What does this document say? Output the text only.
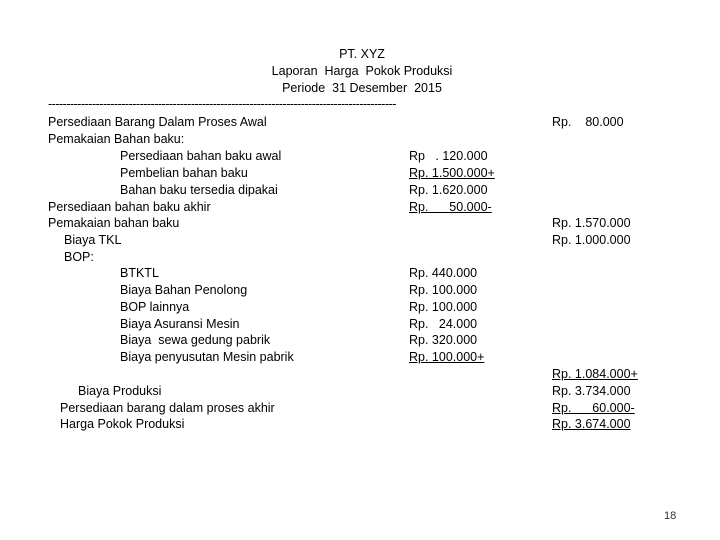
PT. XYZ
Laporan  Harga  Pokok Produksi
Periode  31 Desember  2015
-----------------------------------------------------------------------------------------------
Persediaan Barang Dalam Proses Awal	Rp.    80.000
Pemakaian Bahan baku:
Persediaan bahan baku awal	Rp   . 120.000
Pembelian bahan baku	Rp. 1.500.000+
Bahan baku tersedia dipakai	Rp. 1.620.000
Persediaan bahan baku akhir	Rp.      50.000-
Pemakaian bahan baku	Rp. 1.570.000
Biaya TKL	Rp. 1.000.000
BOP:
BTKTL	Rp. 440.000
Biaya Bahan Penolong	Rp. 100.000
BOP lainnya	Rp. 100.000
Biaya Asuransi Mesin	Rp.   24.000
Biaya  sewa gedung pabrik	Rp. 320.000
Biaya penyusutan Mesin pabrik	Rp. 100.000+
Rp. 1.084.000+
Biaya Produksi	Rp. 3.734.000
Persediaan barang dalam proses akhir	Rp.      60.000-
Harga Pokok Produksi	Rp. 3.674.000
18
